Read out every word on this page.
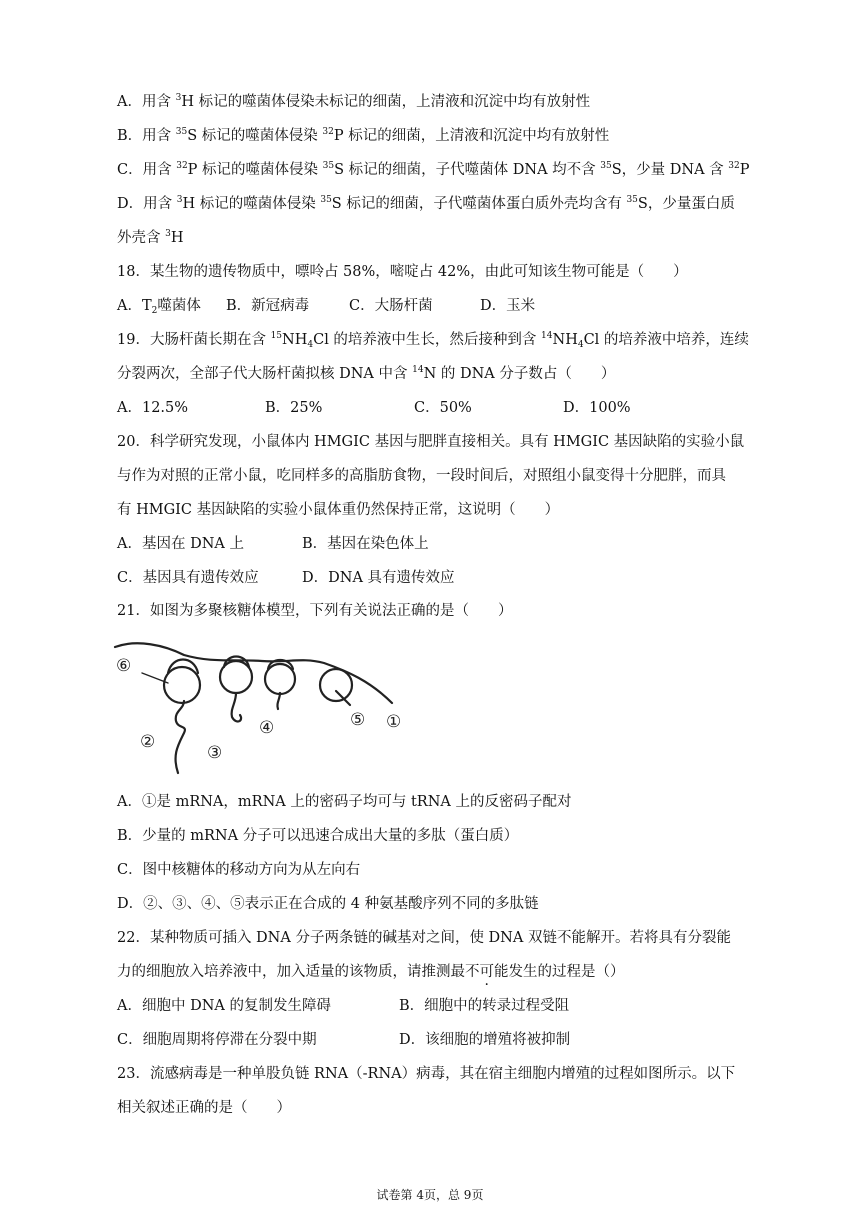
A．用含 $^3$H 标记的噬菌体侵染未标记的细菌，上清液和沉淀中均有放射性
B．用含 $^{35}$S 标记的噬菌体侵染 $^{32}$P 标记的细菌，上清液和沉淀中均有放射性
C．用含 $^{32}$P 标记的噬菌体侵染 $^{35}$S 标记的细菌，子代噬菌体 DNA 均不含 $^{35}$S，少量 DNA 含 $^{32}$P
D．用含 $^3$H 标记的噬菌体侵染 $^{35}$S 标记的细菌，子代噬菌体蛋白质外壳均含有 $^{35}$S，少量蛋白质
外壳含 $^3$H
18．某生物的遗传物质中，嘌呤占 58%，嘧啶占 42%，由此可知该生物可能是（　　）
A．$T_2$噬菌体 B．新冠病毒	C．大肠杆菌	D．玉米
19．大肠杆菌长期在含 $^{15}NH_4Cl$ 的培养液中生长，然后接种到含 $^{14}NH_4Cl$ 的培养液中培养，连续
分裂两次，全部子代大肠杆菌拟核 DNA 中含 $^{14}$N 的 DNA 分子数占（　　）
A．12.5%	B．25%	C．50%	D．100%
20．科学研究发现，小鼠体内 HMGIC 基因与肥胖直接相关。具有 HMGIC 基因缺陷的实验小鼠
与作为对照的正常小鼠，吃同样多的高脂肪食物，一段时间后，对照组小鼠变得十分肥胖，而具
有 HMGIC 基因缺陷的实验小鼠体重仍然保持正常，这说明（　　）
A．基因在 DNA 上	B．基因在染色体上
C．基因具有遗传效应	D．DNA 具有遗传效应
21．如图为多聚核糖体模型，下列有关说法正确的是（　　）
⑥
②
③
④	⑤ ①
A．①是 mRNA，mRNA 上的密码子均可与 tRNA 上的反密码子配对
B．少量的 mRNA 分子可以迅速合成出大量的多肽（蛋白质）
C．图中核糖体的移动方向为从左向右
D．②、③、④、⑤表示正在合成的 4 种氨基酸序列不同的多肽链
22．某种物质可插入 DNA 分子两条链的碱基对之间，使 DNA 双链不能解开。若将具有分裂能
力的细胞放入培养液中，加入适量的该物质，请推测最不可能发生的过程是（）
A．细胞中 DNA 的复制发生障碍	B．细胞中的转录过程受阻
C．细胞周期将停滞在分裂中期	D．该细胞的增殖将被抑制
23．流感病毒是一种单股负链 RNA（-RNA）病毒，其在宿主细胞内增殖的过程如图所示。以下
相关叙述正确的是（　　）
试卷第 4页，总 9页
